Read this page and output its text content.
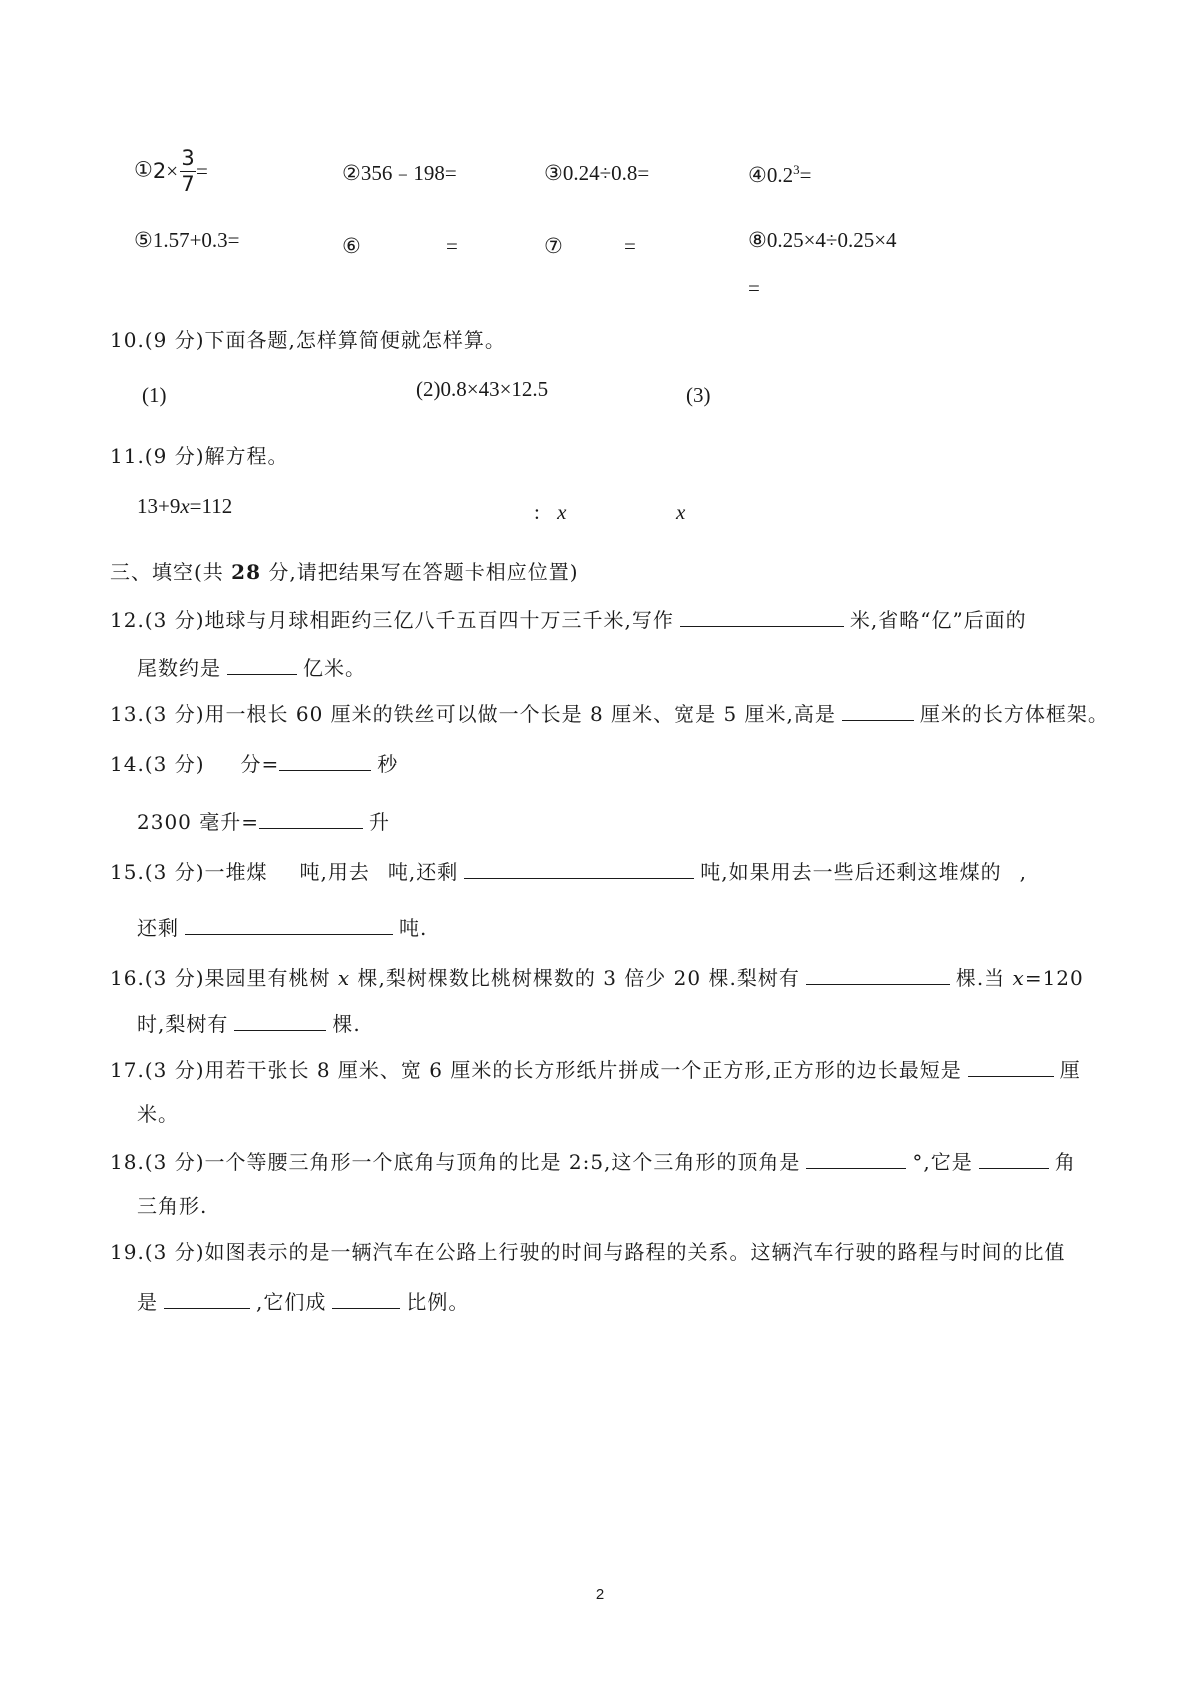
①2× $\frac{3}{7}$ =	②356﹣198=	③0.24÷0.8=	$④0.2^3=$
⑤1.57+0.3=	⑥	=	⑦	=	⑧0.25×4÷0.25×4
=
10.(9 分)下面各题,怎样算简便就怎样算。
(1)	(2)0.8×43×12.5	(3)
11.(9 分)解方程。
13+9x=112	: x	x
三、填空(共 28 分,请把结果写在答题卡相应位置)
12.(3 分)地球与月球相距约三亿八千五百四十万三千米,写作	米,省略“亿”后面的
尾数约是	亿米。
13.(3 分)用一根长 60 厘米的铁丝可以做一个长是 8 厘米、宽是 5 厘米,高是	厘米的长方体框架。
14.(3 分) 分=	秒
2300 毫升=	升
15.(3 分)一堆煤 吨,用去 吨,还剩	吨,如果用去一些后还剩这堆煤的 ,
还剩	吨.
16.(3 分)果园里有桃树 x 棵,梨树棵数比桃树棵数的 3 倍少 20 棵.梨树有	棵.当 x=120
时,梨树有	棵.
17.(3 分)用若干张长 8 厘米、宽 6 厘米的长方形纸片拼成一个正方形,正方形的边长最短是	厘
米。
18.(3 分)一个等腰三角形一个底角与顶角的比是 2:5,这个三角形的顶角是	°,它是	角
三角形.
19.(3 分)如图表示的是一辆汽车在公路上行驶的时间与路程的关系。这辆汽车行驶的路程与时间的比值
是	,它们成	比例。
2
